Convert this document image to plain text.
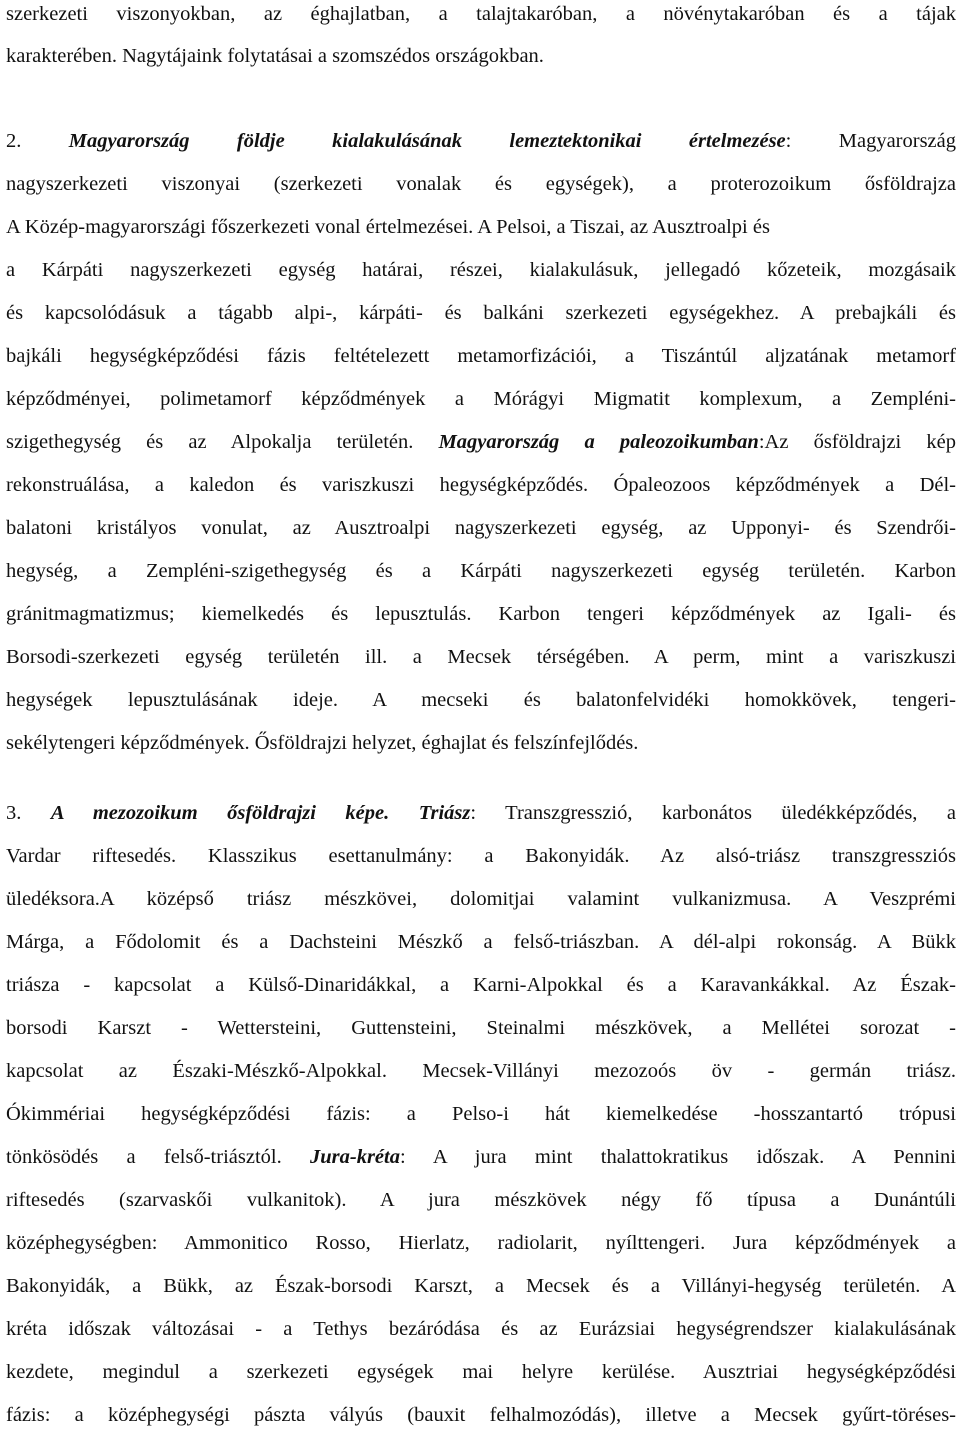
szerkezeti viszonyokban, az éghajlatban, a talajtakaróban, a növénytakaróban és a tájak
karakterében. Nagytájaink folytatásai a szomszédos országokban.
2. Magyarország földje kialakulásának lemeztektonikai értelmezése: Magyarország
nagyszerkezeti viszonyai (szerkezeti vonalak és egységek), a proterozoikum ősföldrajza
A Közép-magyarországi főszerkezeti vonal értelmezései. A Pelsoi, a Tiszai, az Ausztroalpi és
a Kárpáti nagyszerkezeti egység határai, részei, kialakulásuk, jellegadó kőzeteik, mozgásaik
és kapcsolódásuk a tágabb alpi-, kárpáti- és balkáni szerkezeti egységekhez. A prebajkáli és
bajkáli hegységképződési fázis feltételezett metamorfizációi, a Tiszántúl aljzatának metamorf
képződményei, polimetamorf képződmények a Mórágyi Migmatit komplexum, a Zempléni-
szigethegység és az Alpokalja területén. Magyarország a paleozoikumban:Az ősföldrajzi kép
rekonstruálása, a kaledon és variszkuszi hegységképződés. Ópaleozoos képződmények a Dél-
balatoni kristályos vonulat, az Ausztroalpi nagyszerkezeti egység, az Upponyi- és Szendrői-
hegység, a Zempléni-szigethegység és a Kárpáti nagyszerkezeti egység területén. Karbon
gránitmagmatizmus; kiemelkedés és lepusztulás. Karbon tengeri képződmények az Igali- és
Borsodi-szerkezeti egység területén ill. a Mecsek térségében. A perm, mint a variszkuszi
hegységek lepusztulásának ideje. A mecseki és balatonfelvidéki homokkövek, tengeri-
sekélytengeri képződmények. Ősföldrajzi helyzet, éghajlat és felszínfejlődés.
3. A mezozoikum ősföldrajzi képe. Triász: Transzgresszió, karbonátos üledékképződés, a
Vardar riftesedés. Klasszikus esettanulmány: a Bakonyidák. Az alsó-triász transzgressziós
üledéksora.A középső triász mészkövei, dolomitjai valamint vulkanizmusa. A Veszprémi
Márga, a Fődolomit és a Dachsteini Mészkő a felső-triászban. A dél-alpi rokonság. A Bükk
triásza - kapcsolat a Külső-Dinaridákkal, a Karni-Alpokkal és a Karavankákkal. Az Észak-
borsodi Karszt - Wettersteini, Guttensteini, Steinalmi mészkövek, a Mellétei sorozat -
kapcsolat az Északi-Mészkő-Alpokkal. Mecsek-Villányi mezozoós öv - germán triász.
Ókimmériai hegységképződési fázis: a Pelso-i hát kiemelkedése -hosszantartó trópusi
tönkösödés a felső-triásztól. Jura-kréta: A jura mint thalattokratikus időszak. A Pennini
riftesedés (szarvaskői vulkanitok). A jura mészkövek négy fő típusa a Dunántúli
középhegységben: Ammonitico Rosso, Hierlatz, radiolarit, nyílttengeri. Jura képződmények a
Bakonyidák, a Bükk, az Észak-borsodi Karszt, a Mecsek és a Villányi-hegység területén. A
kréta időszak változásai - a Tethys bezáródása és az Eurázsiai hegységrendszer kialakulásának
kezdete, megindul a szerkezeti egységek mai helyre kerülése. Ausztriai hegységképződési
fázis: a középhegységi pászta vályús (bauxit felhalmozódás), illetve a Mecsek gyűrt-töréses-
